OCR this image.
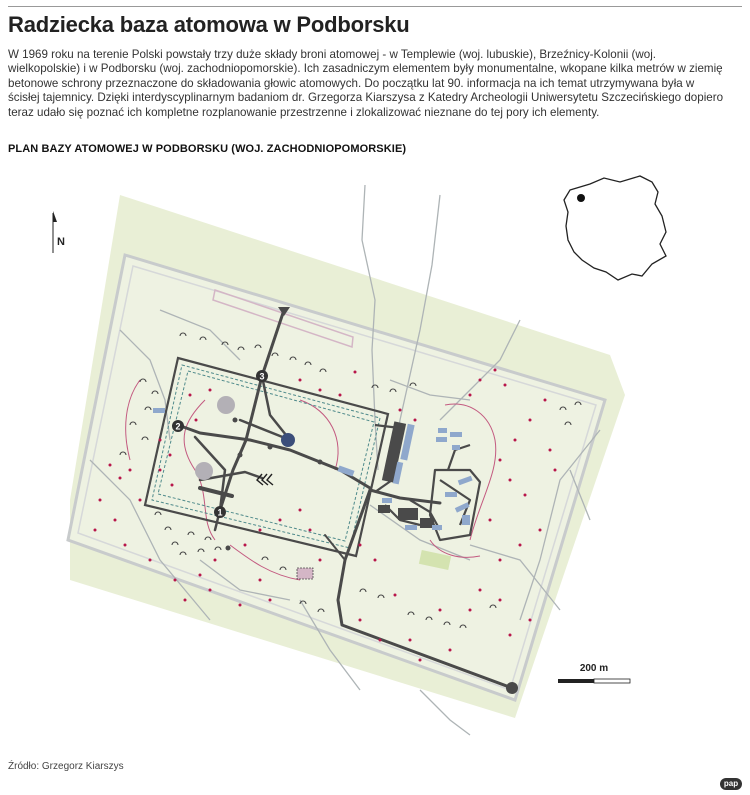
Radziecka baza atomowa w Podborsku

W 1969 roku na terenie Polski powstały trzy duże składy broni atomowej - w Templewie (woj. lubuskie), Brzeźnicy-Kolonii (woj. wielkopolskie) i w Podborsku (woj. zachodniopomorskie). Ich zasadniczym elementem były monumentalne, wkopane kilka metrów w ziemię betonowe schrony przeznaczone do składowania głowic atomowych. Do początku lat 90. informacja na ich temat utrzymywana była w ścisłej tajemnicy. Dzięki interdyscyplinarnym badaniom dr. Grzegorza Kiarszysa z Katedry Archeologii Uniwersytetu Szczecińskiego dopiero teraz udało się poznać ich kompletne rozplanowanie przestrzenne i zlokalizować nieznane do tej pory ich elementy.

PLAN BAZY ATOMOWEJ W PODBORSKU (WOJ. ZACHODNIOPOMORSKIE)
1
2
3
N
200 m
Źródło: Grzegorz Kiarszys
pap
